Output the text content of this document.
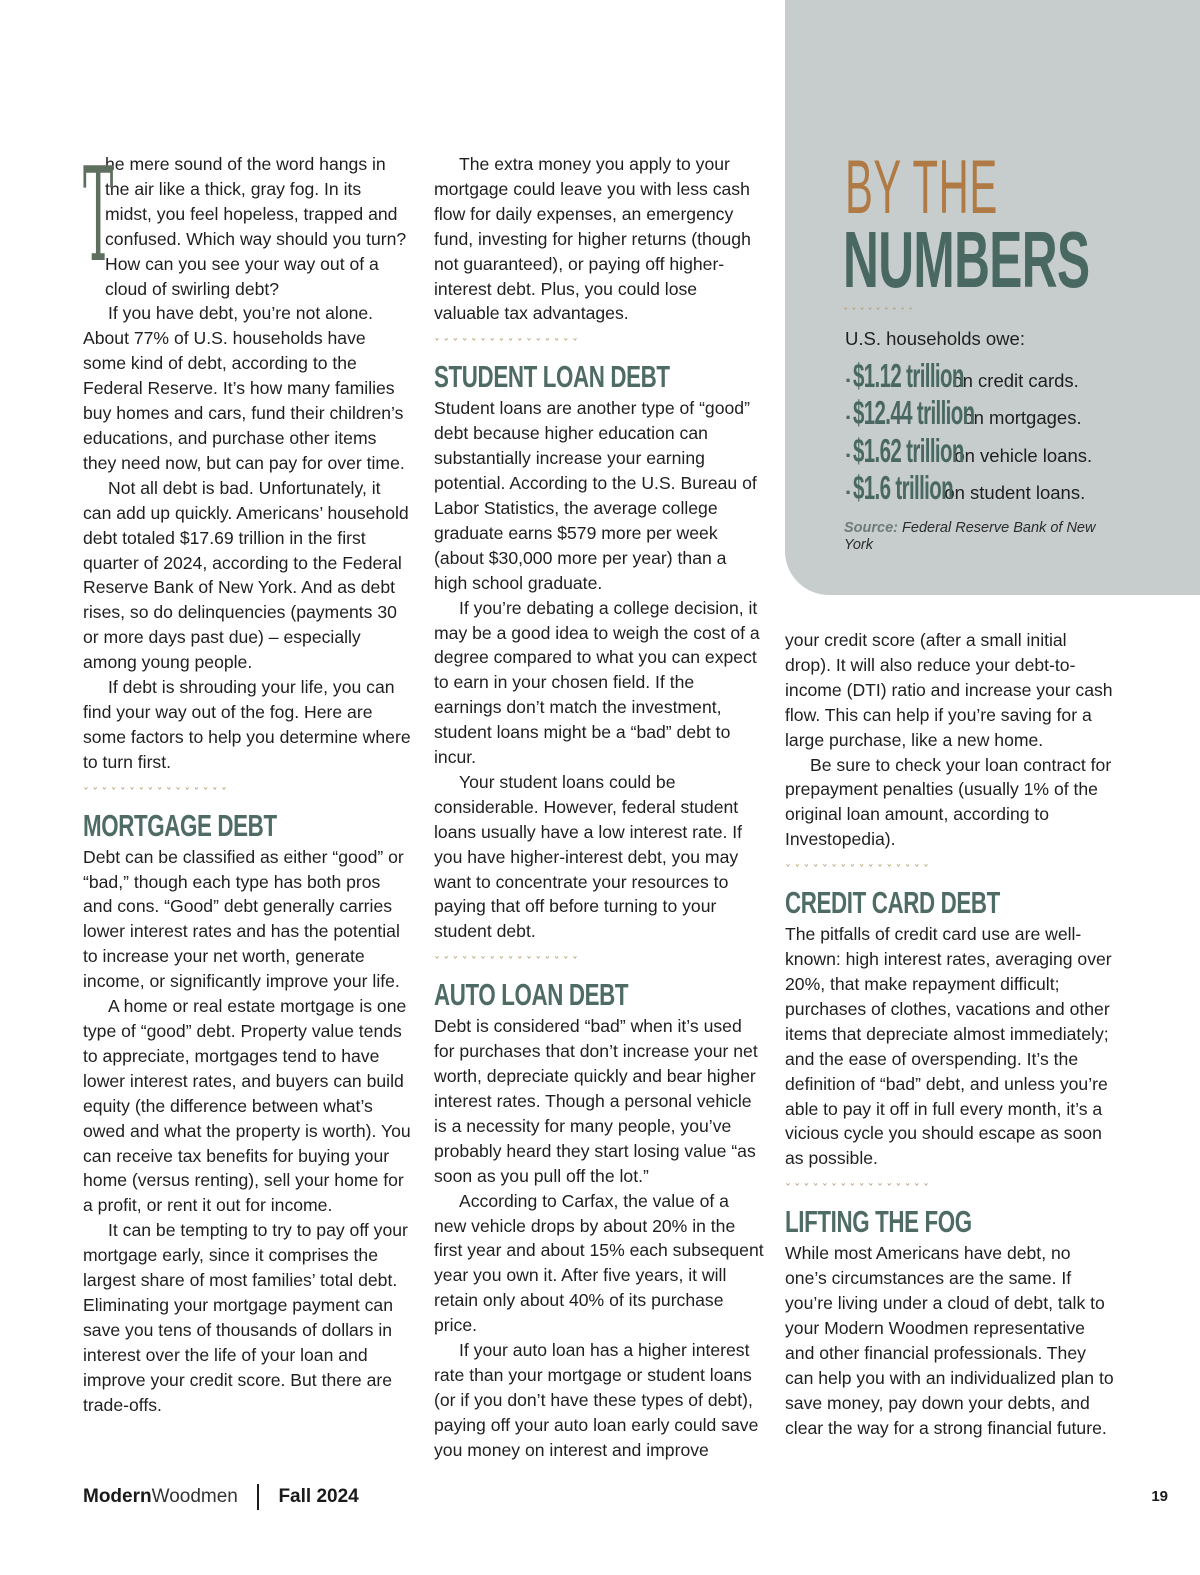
T
he mere sound of the word hangs in the air like a thick, gray fog. In its midst, you feel hopeless, trapped and confused. Which way should you turn? How can you see your way out of a cloud of swirling debt?

If you have debt, you’re not alone. About 77% of U.S. households have some kind of debt, according to the Federal Reserve. It’s how many families buy homes and cars, fund their children’s educations, and purchase other items they need now, but can pay for over time.

Not all debt is bad. Unfortunately, it can add up quickly. Americans’ household debt totaled $17.69 trillion in the first quarter of 2024, according to the Federal Reserve Bank of New York. And as debt rises, so do delinquencies (payments 30 or more days past due) – especially among young people.

If debt is shrouding your life, you can find your way out of the fog. Here are some factors to help you determine where to turn first.

ˇˇˇˇˇˇˇˇˇˇˇˇˇˇˇˇ
MORTGAGE DEBT

Debt can be classified as either “good” or “bad,” though each type has both pros and cons. “Good” debt generally carries lower interest rates and has the potential to increase your net worth, generate income, or significantly improve your life.

A home or real estate mortgage is one type of “good” debt. Property value tends to appreciate, mortgages tend to have lower interest rates, and buyers can build equity (the difference between what’s owed and what the property is worth). You can receive tax benefits for buying your home (versus renting), sell your home for a profit, or rent it out for income.

It can be tempting to try to pay off your mortgage early, since it comprises the largest share of most families’ total debt. Eliminating your mortgage payment can save you tens of thousands of dollars in interest over the life of your loan and improve your credit score. But there are trade-offs.

The extra money you apply to your mortgage could leave you with less cash flow for daily expenses, an emergency fund, investing for higher returns (though not guaranteed), or paying off higher-interest debt. Plus, you could lose valuable tax advantages.

ˇˇˇˇˇˇˇˇˇˇˇˇˇˇˇˇ
STUDENT LOAN DEBT

Student loans are another type of “good” debt because higher education can substantially increase your earning potential. According to the U.S. Bureau of Labor Statistics, the average college graduate earns $579 more per week (about $30,000 more per year) than a high school graduate.

If you’re debating a college decision, it may be a good idea to weigh the cost of a degree compared to what you can expect to earn in your chosen field. If the earnings don’t match the investment, student loans might be a “bad” debt to incur.

Your student loans could be considerable. However, federal student loans usually have a low interest rate. If you have higher-interest debt, you may want to concentrate your resources to paying that off before turning to your student debt.

ˇˇˇˇˇˇˇˇˇˇˇˇˇˇˇˇ
AUTO LOAN DEBT

Debt is considered “bad” when it’s used for purchases that don’t increase your net worth, depreciate quickly and bear higher interest rates. Though a personal vehicle is a necessity for many people, you’ve probably heard they start losing value “as soon as you pull off the lot.”

According to Carfax, the value of a new vehicle drops by about 20% in the first year and about 15% each subsequent year you own it. After five years, it will retain only about 40% of its purchase price.

If your auto loan has a higher interest rate than your mortgage or student loans (or if you don’t have these types of debt), paying off your auto loan early could save you money on interest and improve

BY THE
NUMBERS
ˇˇˇˇˇˇˇˇˇ
U.S. households owe:
· $1.12 trillion
on credit cards.
· $12.44 trillion
on mortgages.
· $1.62 trillion
on vehicle loans.
· $1.6 trillion
on student loans.
Source: Federal Reserve Bank of New York

your credit score (after a small initial drop). It will also reduce your debt-to-income (DTI) ratio and increase your cash flow. This can help if you’re saving for a large purchase, like a new home.

Be sure to check your loan contract for prepayment penalties (usually 1% of the original loan amount, according to Investopedia).

ˇˇˇˇˇˇˇˇˇˇˇˇˇˇˇˇ
CREDIT CARD DEBT

The pitfalls of credit card use are well-known: high interest rates, averaging over 20%, that make repayment difficult; purchases of clothes, vacations and other items that depreciate almost immediately; and the ease of overspending. It’s the definition of “bad” debt, and unless you’re able to pay it off in full every month, it’s a vicious cycle you should escape as soon as possible.

ˇˇˇˇˇˇˇˇˇˇˇˇˇˇˇˇ
LIFTING THE FOG

While most Americans have debt, no one’s circumstances are the same. If you’re living under a cloud of debt, talk to your Modern Woodmen representative and other financial professionals. They can help you with an individualized plan to save money, pay down your debts, and clear the way for a strong financial future.

ModernWoodmen Fall 2024	19
